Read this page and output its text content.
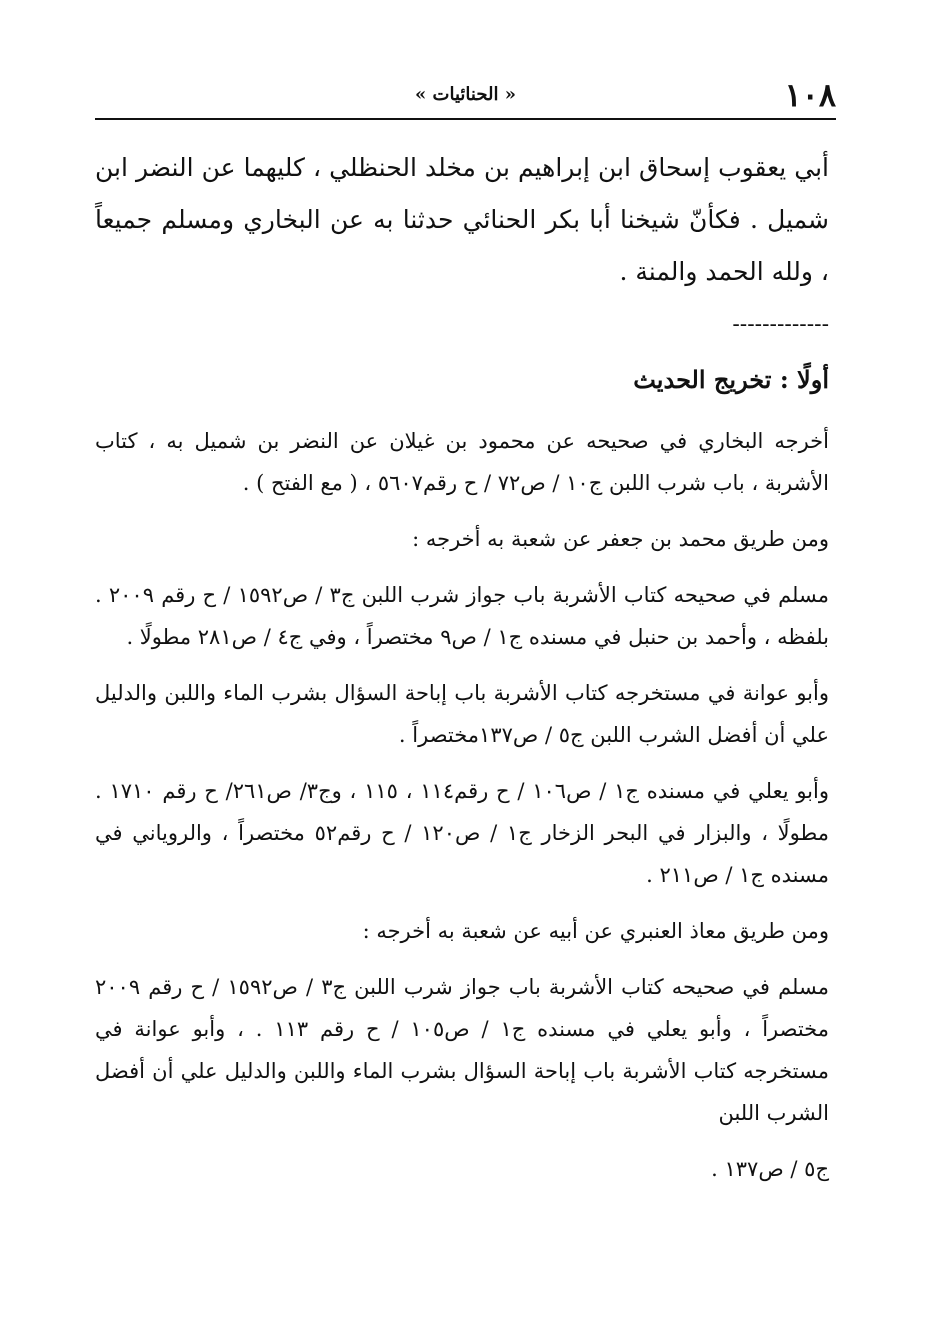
١٠٨
« الحنائيات »
أبي يعقوب إسحاق ابن إبراهيم بن مخلد الحنظلي ، كليهما عن النضر ابن شميل . فكأنّ شيخنا أبا بكر الحنائي حدثنا به عن البخاري ومسلم جميعاً ، ولله الحمد والمنة .
-------------
أولًا : تخريج الحديث

أخرجه البخاري في صحيحه عن محمود بن غيلان عن النضر بن شميل به ، كتاب الأشربة ، باب شرب اللبن ج١٠ / ص٧٢ / ح رقم٥٦٠٧ ، ( مع الفتح ) .

ومن طريق محمد بن جعفر عن شعبة به أخرجه :

مسلم في صحيحه كتاب الأشربة باب جواز شرب اللبن ج٣ / ص١٥٩٢ / ح رقم ٢٠٠٩ . بلفظه ، وأحمد بن حنبل في مسنده ج١ / ص٩ مختصراً ، وفي ج٤ / ص٢٨١ مطولًا .

وأبو عوانة في مستخرجه كتاب الأشربة باب إباحة السؤال بشرب الماء واللبن والدليل علي أن أفضل الشرب اللبن ج٥ / ص١٣٧مختصراً .

وأبو يعلي في مسنده ج١ / ص١٠٦ / ح رقم١١٤ ، ١١٥ ، وج٣/ ص٢٦١/ ح رقم ١٧١٠ . مطولًا ، والبزار في البحر الزخار ج١ / ص١٢٠ / ح رقم٥٢ مختصراً ، والروياني في مسنده ج١ / ص٢١١ .

ومن طريق معاذ العنبري عن أبيه عن شعبة به أخرجه :

مسلم في صحيحه كتاب الأشربة باب جواز شرب اللبن ج٣ / ص١٥٩٢ / ح رقم ٢٠٠٩ مختصراً ، وأبو يعلي في مسنده ج١ / ص١٠٥ / ح رقم ١١٣ . ، وأبو عوانة في مستخرجه كتاب الأشربة باب إباحة السؤال بشرب الماء واللبن والدليل علي أن أفضل الشرب اللبن

ج٥ / ص١٣٧ .
